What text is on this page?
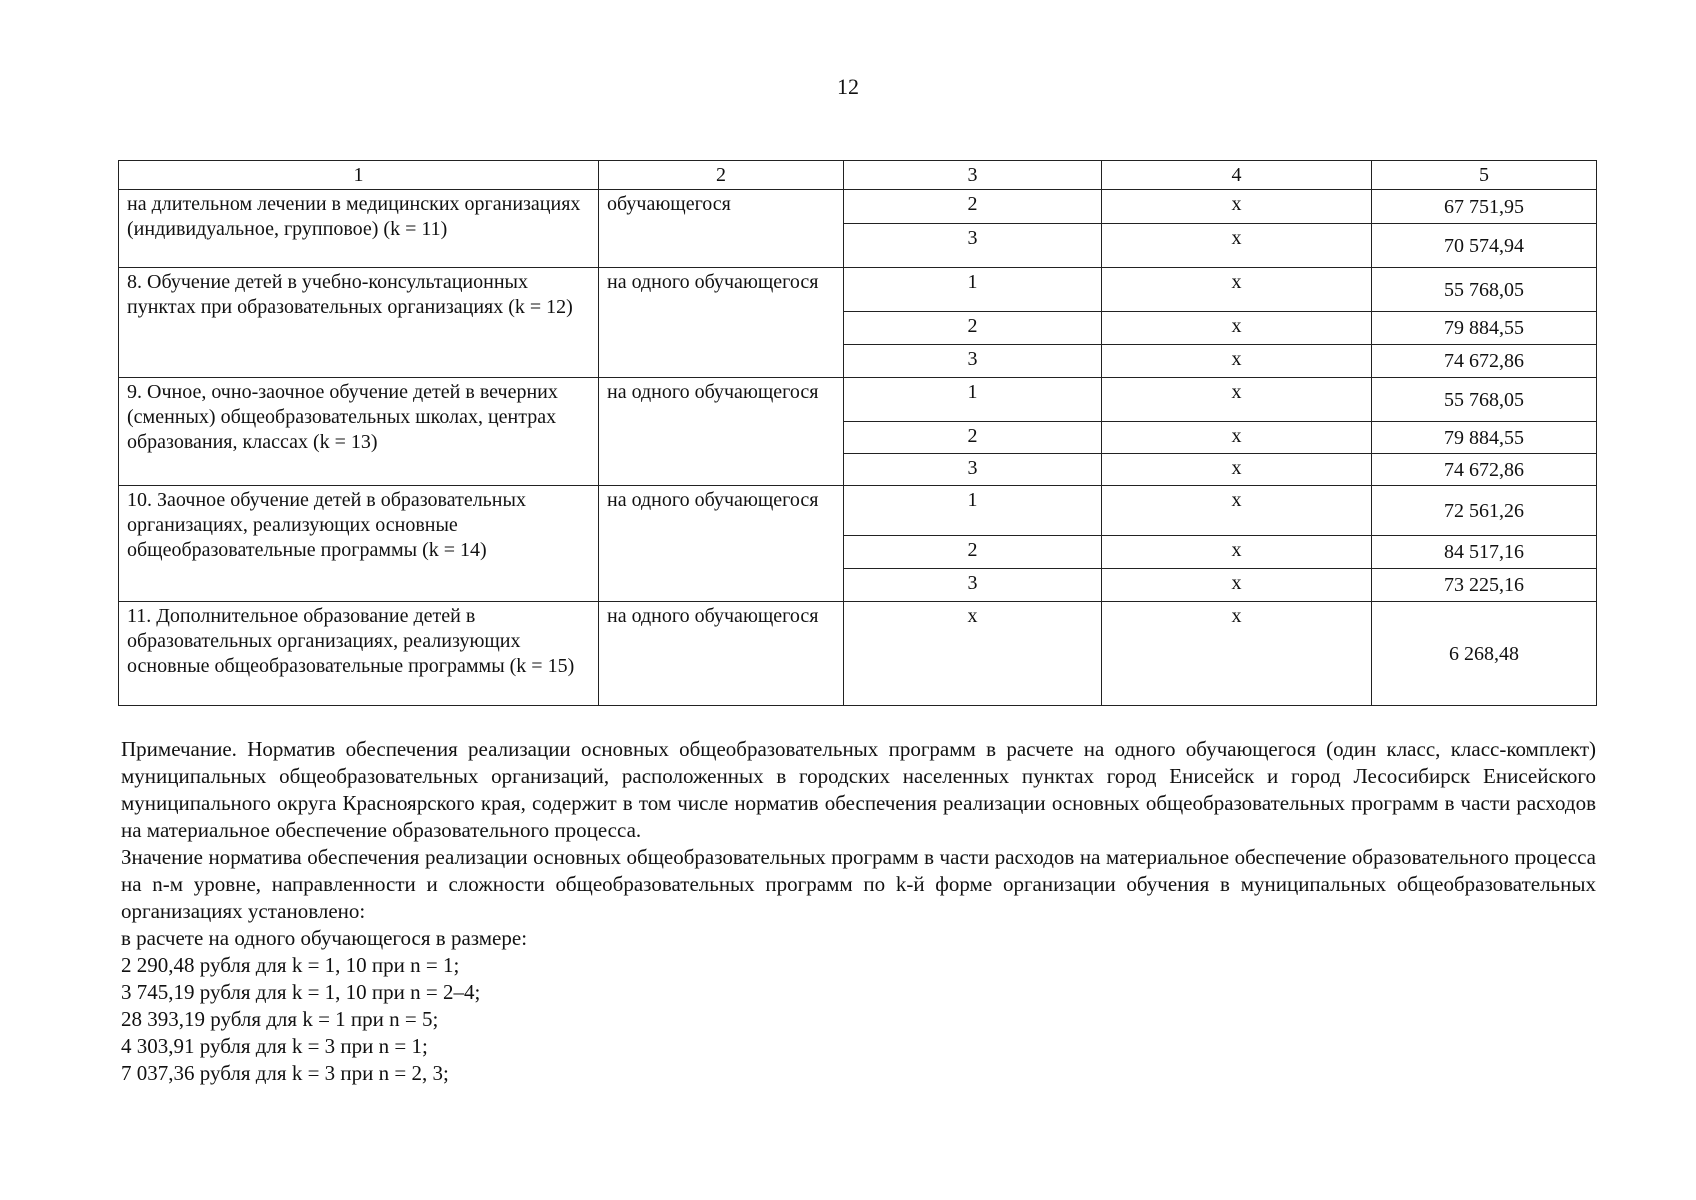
12
1	2	3	4	5
на длительном лечении в медицинских организациях (индивидуальное, групповое) (k = 11)	обучающегося	2	x	67 751,95
		3	x	70 574,94
8. Обучение детей в учебно-консультационных пунктах при образовательных организациях (k = 12)	на одного обучающегося	1	x	55 768,05
		2	x	79 884,55
		3	x	74 672,86
9. Очное, очно-заочное обучение детей в вечерних (сменных) общеобразовательных школах, центрах образования, классах (k = 13)	на одного обучающегося	1	x	55 768,05
		2	x	79 884,55
		3	x	74 672,86
10. Заочное обучение детей в образовательных организациях, реализующих основные общеобразовательные программы (k = 14)	на одного обучающегося	1	x	72 561,26
		2	x	84 517,16
		3	x	73 225,16
11. Дополнительное образование детей в образовательных организациях, реализующих основные общеобразовательные программы (k = 15)	на одного обучающегося	x	x	6 268,48

Примечание. Норматив обеспечения реализации основных общеобразовательных программ в расчете на одного обучающегося (один класс, класс-комплект) муниципальных общеобразовательных организаций, расположенных в городских населенных пунктах город Енисейск и город Лесосибирск Енисейского муниципального округа Красноярского края, содержит в том числе норматив обеспечения реализации основных общеобразовательных программ в части расходов на материальное обеспечение образовательного процесса.

Значение норматива обеспечения реализации основных общеобразовательных программ в части расходов на материальное обеспечение образовательного процесса на n-м уровне, направленности и сложности общеобразовательных программ по k-й форме организации обучения в муниципальных общеобразовательных организациях установлено:

в расчете на одного обучающегося в размере:
2 290,48 рубля для k = 1, 10 при n = 1;
3 745,19 рубля для k = 1, 10 при n = 2–4;
28 393,19 рубля для k = 1 при n = 5;
4 303,91 рубля для k = 3 при n = 1;
7 037,36 рубля для k = 3 при n = 2, 3;
